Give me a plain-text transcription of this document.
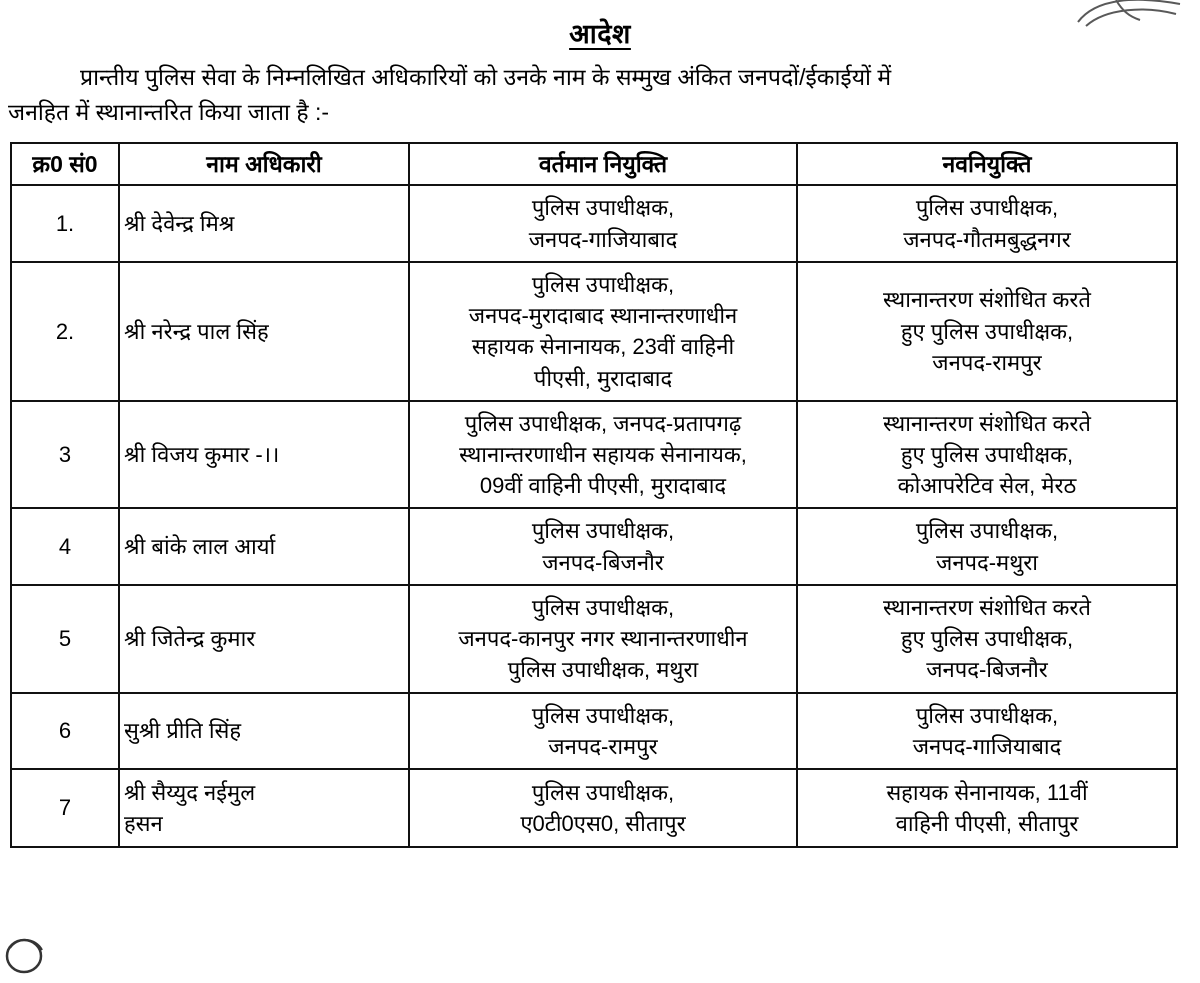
आदेश
प्रान्तीय पुलिस सेवा के निम्नलिखित अधिकारियों को उनके नाम के सम्मुख अंकित जनपदों/ईकाईयों में
जनहित में स्थानान्तरित किया जाता है :-
क्र0 सं0	नाम अधिकारी	वर्तमान नियुक्ति	नवनियुक्ति
1.	श्री देवेन्द्र मिश्र	पुलिस उपाधीक्षक,
जनपद-गाजियाबाद	पुलिस उपाधीक्षक,
जनपद-गौतमबुद्धनगर

2.	श्री नरेन्द्र पाल सिंह	पुलिस उपाधीक्षक,
जनपद-मुरादाबाद स्थानान्तरणाधीन
सहायक सेनानायक, 23वीं वाहिनी
पीएसी, मुरादाबाद	स्थानान्तरण संशोधित करते
हुए पुलिस उपाधीक्षक,
जनपद-रामपुर

3	श्री विजय कुमार -।।	पुलिस उपाधीक्षक, जनपद-प्रतापगढ़
स्थानान्तरणाधीन सहायक सेनानायक,
09वीं वाहिनी पीएसी, मुरादाबाद	स्थानान्तरण संशोधित करते
हुए पुलिस उपाधीक्षक,
कोआपरेटिव सेल, मेरठ

4	श्री बांके लाल आर्या	पुलिस उपाधीक्षक,
जनपद-बिजनौर	पुलिस उपाधीक्षक,
जनपद-मथुरा

5	श्री जितेन्द्र कुमार	पुलिस उपाधीक्षक,
जनपद-कानपुर नगर स्थानान्तरणाधीन
पुलिस उपाधीक्षक, मथुरा	स्थानान्तरण संशोधित करते
हुए पुलिस उपाधीक्षक,
जनपद-बिजनौर

6	सुश्री प्रीति सिंह	पुलिस उपाधीक्षक,
जनपद-रामपुर	पुलिस उपाधीक्षक,
जनपद-गाजियाबाद

7	श्री सैय्युद नईमुल
हसन	पुलिस उपाधीक्षक,
ए0टी0एस0, सीतापुर	सहायक सेनानायक, 11वीं
वाहिनी पीएसी, सीतापुर
